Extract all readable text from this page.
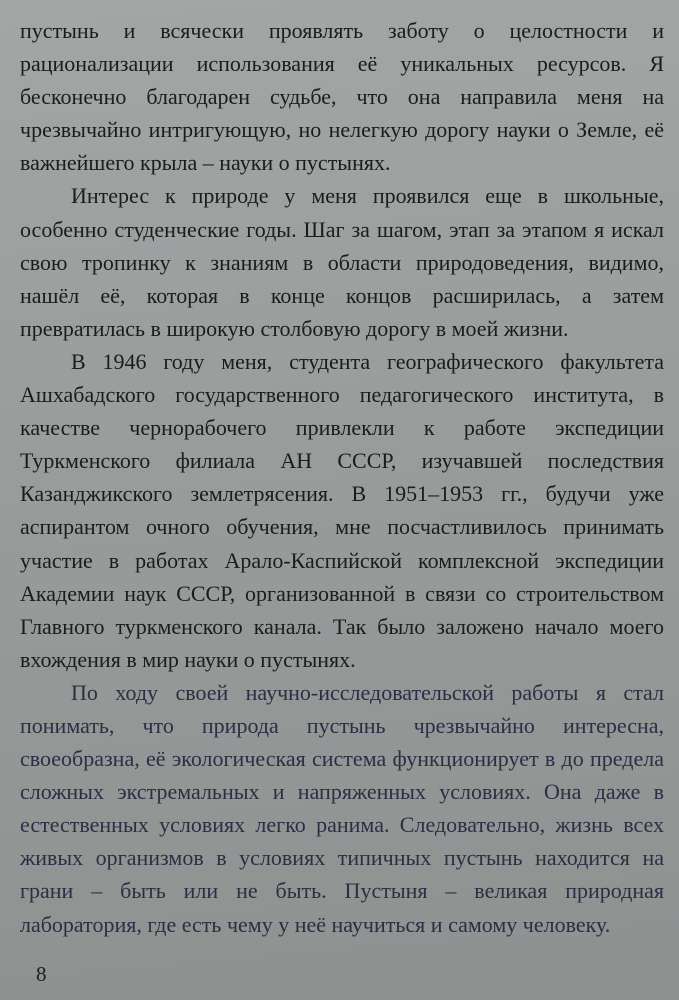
пустынь и всячески проявлять заботу о целостности и рационализации использования её уникальных ресурсов. Я бесконечно благодарен судьбе, что она направила меня на чрезвычайно интригующую, но нелегкую дорогу науки о Земле, её важнейшего крыла – науки о пустынях.

Интерес к природе у меня проявился еще в школьные, особенно студенческие годы. Шаг за шагом, этап за этапом я искал свою тропинку к знаниям в области природоведения, видимо, нашёл её, которая в конце концов расширилась, а затем превратилась в широкую столбовую дорогу в моей жизни.

В 1946 году меня, студента географического факультета Ашхабадского государственного педагогического института, в качестве чернорабочего привлекли к работе экспедиции Туркменского филиала АН СССР, изучавшей последствия Казанджикского землетрясения. В 1951–1953 гг., будучи уже аспирантом очного обучения, мне посчастливилось принимать участие в работах Арало-Каспийской комплексной экспедиции Академии наук СССР, организованной в связи со строительством Главного туркменского канала. Так было заложено начало моего вхождения в мир науки о пустынях.

По ходу своей научно-исследовательской работы я стал понимать, что природа пустынь чрезвычайно интересна, своеобразна, её экологическая система функционирует в до предела сложных экстремальных и напряженных условиях. Она даже в естественных условиях легко ранима. Следовательно, жизнь всех живых организмов в условиях типичных пустынь находится на грани – быть или не быть. Пустыня – великая природная лаборатория, где есть чему у неё научиться и самому человеку.

8
